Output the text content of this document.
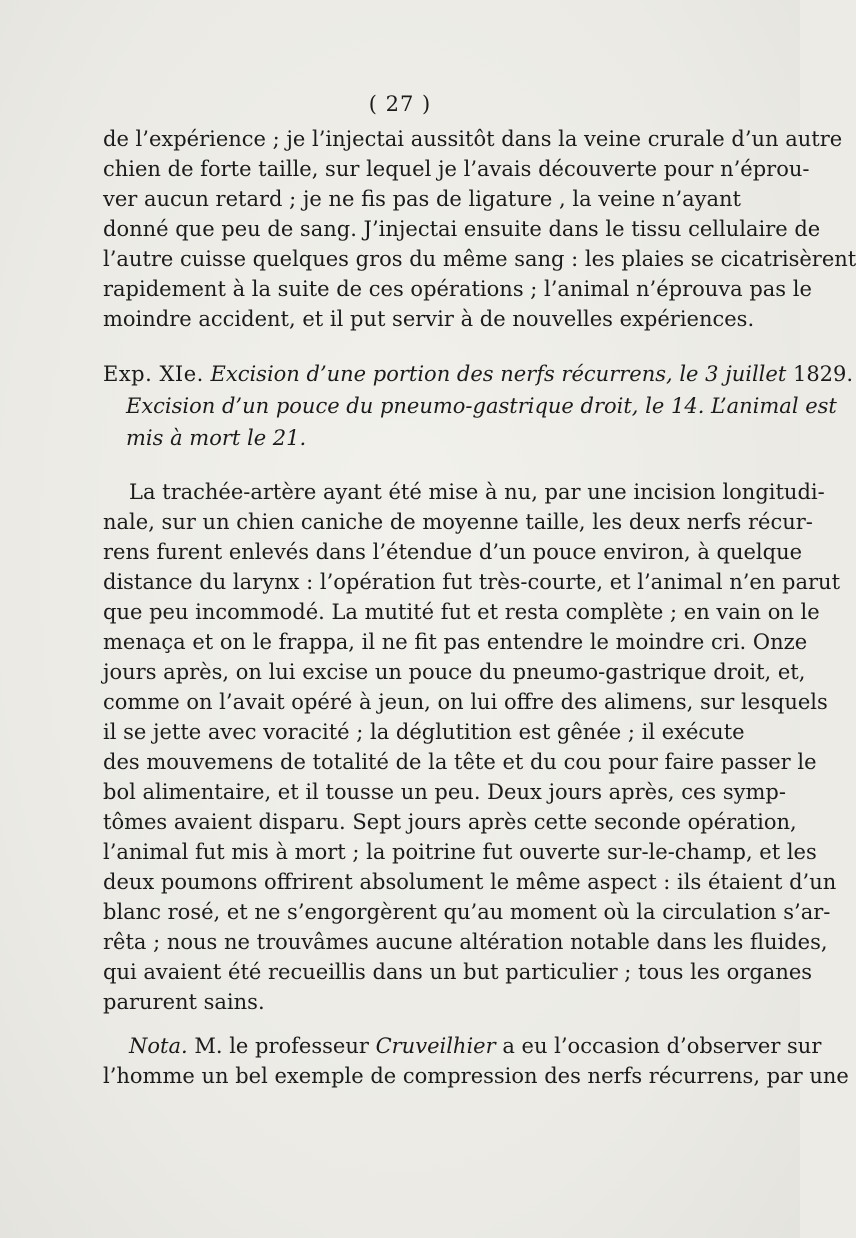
( 27 )
de l’expérience ; je l’injectai aussitôt dans la veine crurale d’un autre
chien de forte taille, sur lequel je l’avais découverte pour n’éprou-
ver aucun retard ; je ne fis pas de ligature , la veine n’ayant
donné que peu de sang. J’injectai ensuite dans le tissu cellulaire de
l’autre cuisse quelques gros du même sang : les plaies se cicatrisèrent
rapidement à la suite de ces opérations ; l’animal n’éprouva pas le
moindre accident, et il put servir à de nouvelles expériences.
Exp. XIe. Excision d’une portion des nerfs récurrens, le 3 juillet 1829.
Excision d’un pouce du pneumo-gastrique droit, le 14. L’animal est
mis à mort le 21.
La trachée-artère ayant été mise à nu, par une incision longitudi-
nale, sur un chien caniche de moyenne taille, les deux nerfs récur-
rens furent enlevés dans l’étendue d’un pouce environ, à quelque
distance du larynx : l’opération fut très-courte, et l’animal n’en parut
que peu incommodé. La mutité fut et resta complète ; en vain on le
menaça et on le frappa, il ne fit pas entendre le moindre cri. Onze
jours après, on lui excise un pouce du pneumo-gastrique droit, et,
comme on l’avait opéré à jeun, on lui offre des alimens, sur lesquels
il se jette avec voracité ; la déglutition est gênée ; il exécute
des mouvemens de totalité de la tête et du cou pour faire passer le
bol alimentaire, et il tousse un peu. Deux jours après, ces symp-
tômes avaient disparu. Sept jours après cette seconde opération,
l’animal fut mis à mort ; la poitrine fut ouverte sur-le-champ, et les
deux poumons offrirent absolument le même aspect : ils étaient d’un
blanc rosé, et ne s’engorgèrent qu’au moment où la circulation s’ar-
rêta ; nous ne trouvâmes aucune altération notable dans les fluides,
qui avaient été recueillis dans un but particulier ; tous les organes
parurent sains.
Nota. M. le professeur Cruveilhier a eu l’occasion d’observer sur
l’homme un bel exemple de compression des nerfs récurrens, par une
